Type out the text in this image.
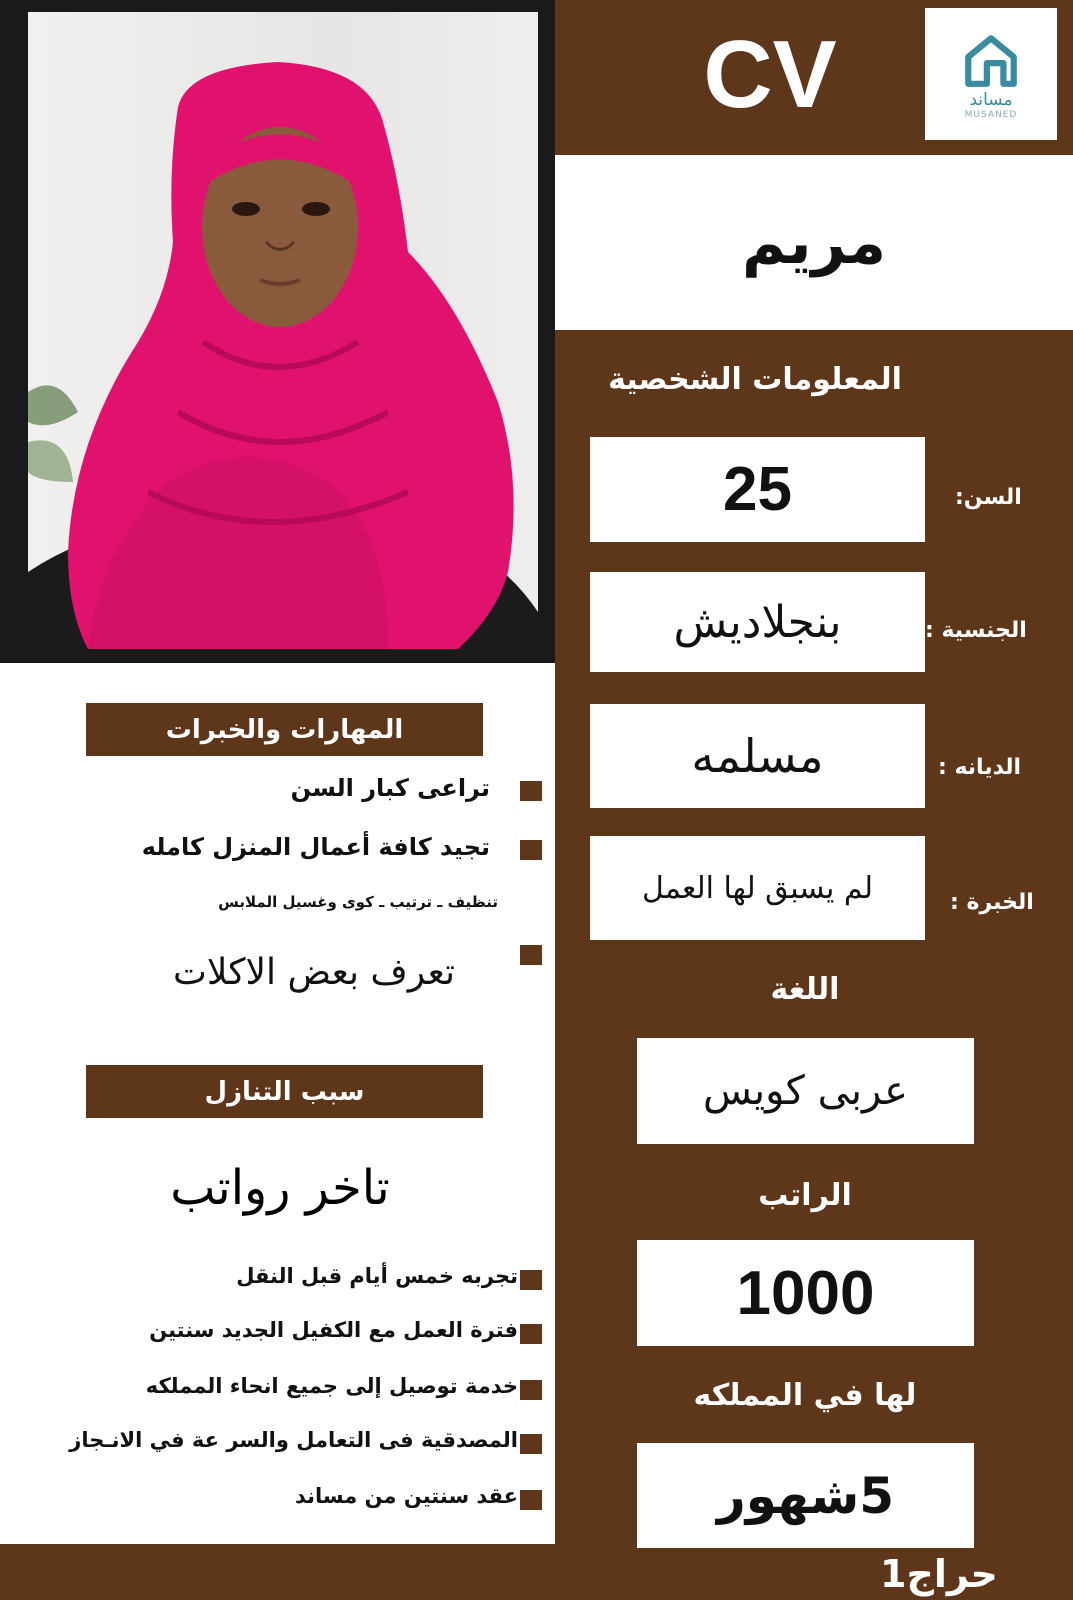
CV	مساند
MUSANED
مريم
المعلومات الشخصية
25	السن:
بنجلاديش	الجنسية :
مسلمه	الديانه :
لم يسبق لها العمل	الخبرة :
اللغة
عربى كويس
الراتب
1000
لها في المملكه
5شهور
المهارات والخبرات
تراعى كبار السن
تجيد كافة أعمال المنزل كامله
تنظيف ـ ترتيب ـ كوى وغسيل الملابس
تعرف بعض الاكلات
سبب التنازل
تاخر رواتب
تجربه خمس أيام قبل النقل
فترة العمل مع الكفيل الجديد سنتين
خدمة توصيل إلى جميع انحاء المملكه
المصدقية فى التعامل والسر عة في الانـجاز
عقد سنتين من مساند
حراج1
